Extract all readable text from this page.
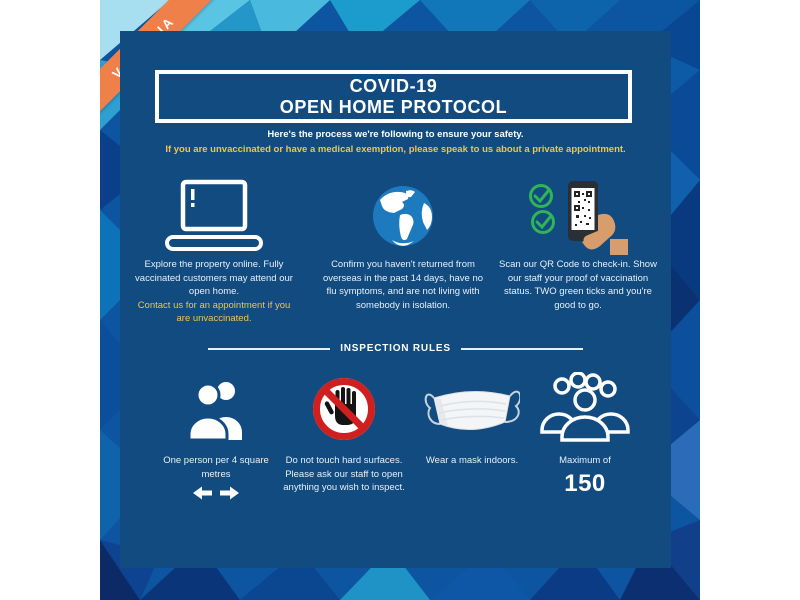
COVID-19
OPEN HOME PROTOCOL
Here's the process we're following to ensure your safety.
If you are unvaccinated or have a medical exemption, please speak to us about a private appointment.

Explore the property online. Fully vaccinated customers may attend our open home.

Contact us for an appointment if you are unvaccinated.

Confirm you haven't returned from overseas in the past 14 days, have no flu symptoms, and are not living with somebody in isolation.

Scan our QR Code to check-in. Show our staff your proof of vaccination status. TWO green ticks and you're good to go.

INSPECTION RULES

One person per 4 square metres

Do not touch hard surfaces. Please ask our staff to open anything you wish to inspect.

Wear a mask indoors.	Maximum of

150
